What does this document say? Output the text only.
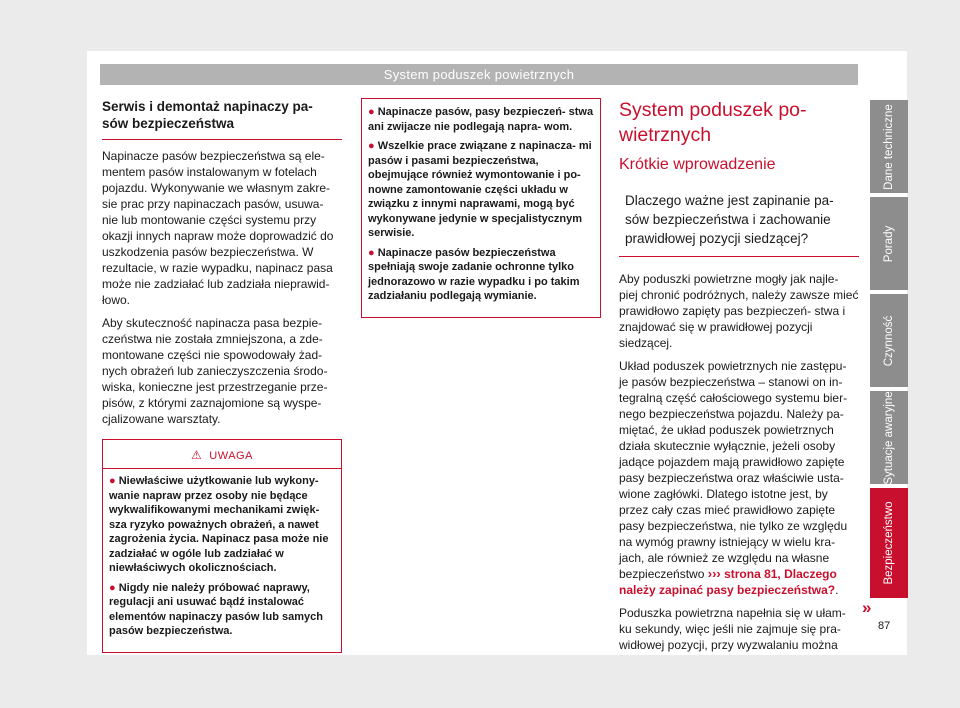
System poduszek powietrznych
Dane techniczne
Porady
Czynność
Sytuacje awaryjne
Bezpieczeństwo
87
Serwis i demontaż napinaczy pa- sów bezpieczeństwa

Napinacze pasów bezpieczeństwa są ele- mentem pasów instalowanym w fotelach pojazdu. Wykonywanie we własnym zakre- sie prac przy napinaczach pasów, usuwa- nie lub montowanie części systemu przy okazji innych napraw może doprowadzić do uszkodzenia pasów bezpieczeństwa. W rezultacie, w razie wypadku, napinacz pasa może nie zadziałać lub zadziała nieprawid- łowo.

Aby skuteczność napinacza pasa bezpie- czeństwa nie została zmniejszona, a zde- montowane części nie spowodowały żad- nych obrażeń lub zanieczyszczenia środo- wiska, konieczne jest przestrzeganie prze- pisów, z którymi zaznajomione są wyspe- cjalizowane warsztaty.

⚠ UWAGA

● Niewłaściwe użytkowanie lub wykony- wanie napraw przez osoby nie będące wykwalifikowanymi mechanikami zwięk- sza ryzyko poważnych obrażeń, a nawet zagrożenia życia. Napinacz pasa może nie zadziałać w ogóle lub zadziałać w niewłaściwych okolicznościach.

● Nigdy nie należy próbować naprawy, regulacji ani usuwać bądź instalować elementów napinaczy pasów lub samych pasów bezpieczeństwa.

● Napinacze pasów, pasy bezpieczeń- stwa ani zwijacze nie podlegają napra- wom.

● Wszelkie prace związane z napinacza- mi pasów i pasami bezpieczeństwa, obejmujące również wymontowanie i po- nowne zamontowanie części układu w związku z innymi naprawami, mogą być wykonywane jedynie w specjalistycznym serwisie.

● Napinacze pasów bezpieczeństwa spełniają swoje zadanie ochronne tylko jednorazowo w razie wypadku i po takim zadziałaniu podlegają wymianie.

System poduszek po- wietrznych
Krótkie wprowadzenie
Dlaczego ważne jest zapinanie pa- sów bezpieczeństwa i zachowanie prawidłowej pozycji siedzącej?

Aby poduszki powietrzne mogły jak najle- piej chronić podróżnych, należy zawsze mieć prawidłowo zapięty pas bezpieczeń- stwa i znajdować się w prawidłowej pozycji siedzącej.

Układ poduszek powietrznych nie zastępu- je pasów bezpieczeństwa – stanowi on in- tegralną część całościowego systemu bier- nego bezpieczeństwa pojazdu. Należy pa- miętać, że układ poduszek powietrznych działa skutecznie wyłącznie, jeżeli osoby jadące pojazdem mają prawidłowo zapięte pasy bezpieczeństwa oraz właściwie usta- wione zagłówki. Dlatego istotne jest, by przez cały czas mieć prawidłowo zapięte pasy bezpieczeństwa, nie tylko ze względu na wymóg prawny istniejący w wielu kra- jach, ale również ze względu na własne bezpieczeństwo ››› strona 81, Dlaczego należy zapinać pasy bezpieczeństwa?.

Poduszka powietrzna napełnia się w ułam- ku sekundy, więc jeśli nie zajmuje się pra- widłowej pozycji, przy wyzwalaniu można

»
